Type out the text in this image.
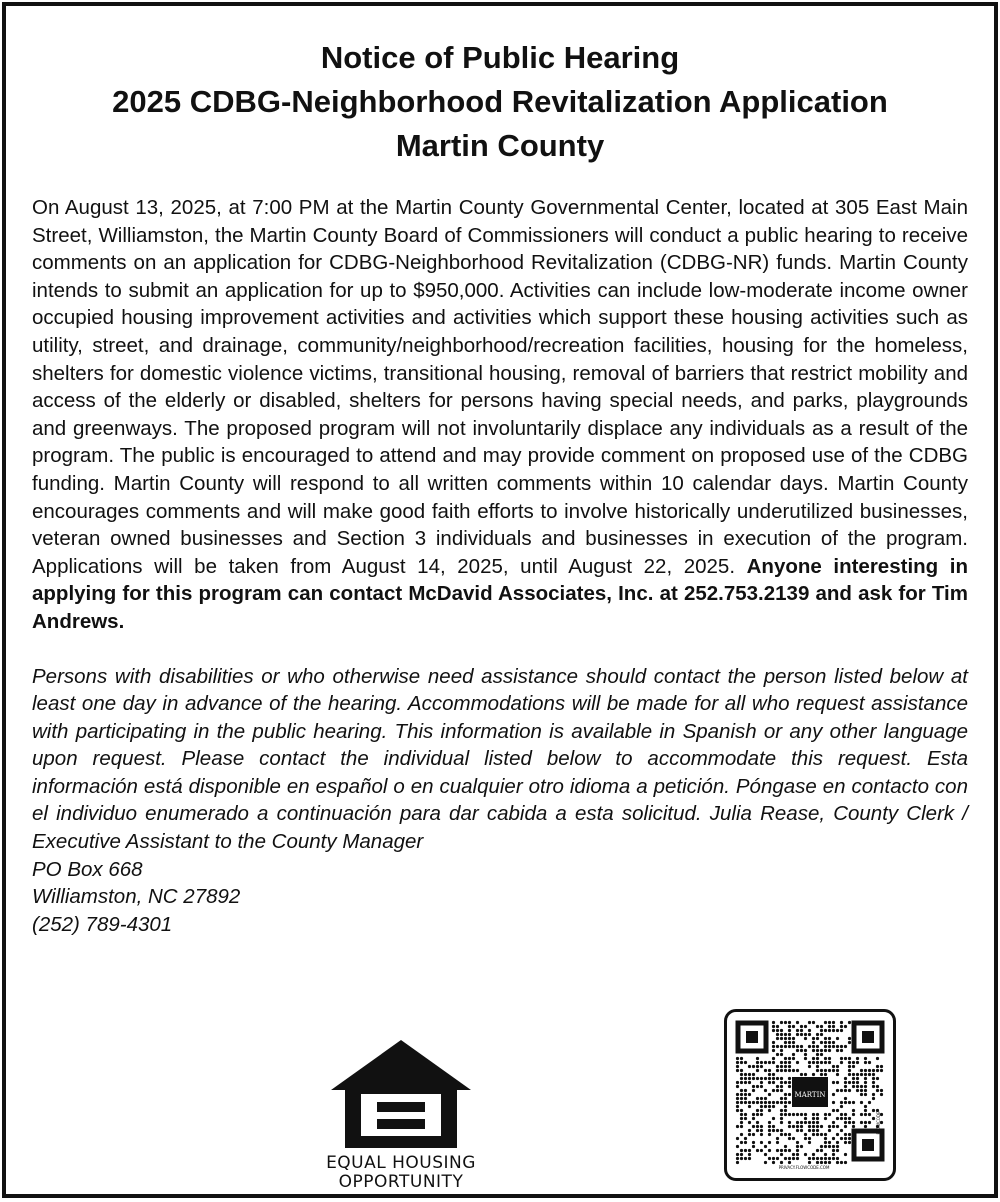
Notice of Public Hearing
2025 CDBG-Neighborhood Revitalization Application
Martin County
On August 13, 2025, at 7:00 PM at the Martin County Governmental Center, located at 305 East Main Street, Williamston, the Martin County Board of Commissioners will conduct a public hearing to receive comments on an application for CDBG-Neighborhood Revitalization (CDBG-NR) funds. Martin County intends to submit an application for up to $950,000. Activities can include low-moderate income owner occupied housing improvement activities and activities which support these housing activities such as utility, street, and drainage, community/neighborhood/recreation facilities, housing for the homeless, shelters for domestic violence victims, transitional housing, removal of barriers that restrict mobility and access of the elderly or disabled, shelters for persons having special needs, and parks, playgrounds and greenways. The proposed program will not involuntarily displace any individuals as a result of the program. The public is encouraged to attend and may provide comment on proposed use of the CDBG funding. Martin County will respond to all written comments within 10 calendar days. Martin County encourages comments and will make good faith efforts to involve historically underutilized businesses, veteran owned businesses and Section 3 individuals and businesses in execution of the program. Applications will be taken from August 14, 2025, until August 22, 2025. Anyone interesting in applying for this program can contact McDavid Associates, Inc. at 252.753.2139 and ask for Tim Andrews.
Persons with disabilities or who otherwise need assistance should contact the person listed below at least one day in advance of the hearing. Accommodations will be made for all who request assistance with participating in the public hearing. This information is available in Spanish or any other language upon request. Please contact the individual listed below to accommodate this request. Esta información está disponible en español o en cualquier otro idioma a petición. Póngase en contacto con el individuo enumerado a continuación para dar cabida a esta solicitud. Julia Rease, County Clerk / Executive Assistant to the County Manager
PO Box 668
Williamston, NC 27892
(252) 789-4301
EQUAL HOUSING
OPPORTUNITY
MARTIN
FLOWCODE
PRIVACY.FLOWCODE.COM
